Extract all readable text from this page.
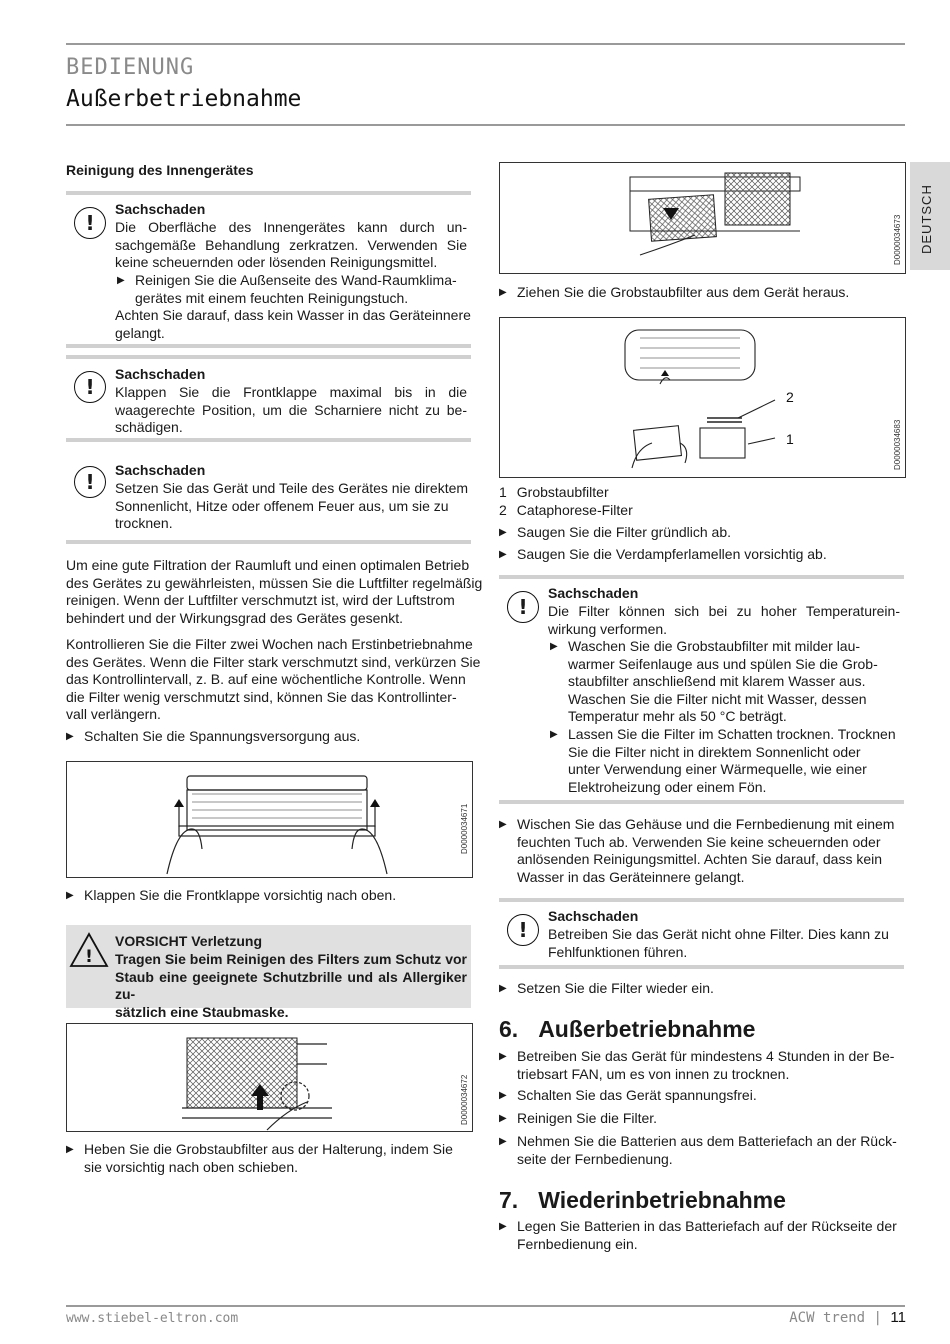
BEDIENUNG
Außerbetriebnahme
DEUTSCH
Reinigung des Innengerätes
!
Sachschaden
Die Oberfläche des Innengerätes kann durch un-
sachgemäße Behandlung zerkratzen. Verwenden Sie
keine scheuernden oder lösenden Reinigungsmittel.
▶ Reinigen Sie die Außenseite des Wand-Raumklima-
gerätes mit einem feuchten Reinigungstuch.
Achten Sie darauf, dass kein Wasser in das Geräteinnere
gelangt.
!
Sachschaden
Klappen Sie die Frontklappe maximal bis in die
waagerechte Position, um die Scharniere nicht zu be-
schädigen.
!	Sachschaden
Setzen Sie das Gerät und Teile des Gerätes nie direktem
Sonnenlicht, Hitze oder offenem Feuer aus, um sie zu
trocknen.
Um eine gute Filtration der Raumluft und einen optimalen Betrieb
des Gerätes zu gewährleisten, müssen Sie die Luftfilter regelmäßig
reinigen. Wenn der Luftfilter verschmutzt ist, wird der Luftstrom
behindert und der Wirkungsgrad des Gerätes gesenkt.
Kontrollieren Sie die Filter zwei Wochen nach Erstinbetriebnahme
des Gerätes. Wenn die Filter stark verschmutzt sind, verkürzen Sie
das Kontrollintervall, z. B. auf eine wöchentliche Kontrolle. Wenn
die Filter wenig verschmutzt sind, können Sie das Kontrollinter-
vall verlängern.
▶ Schalten Sie die Spannungsversorgung aus.
D0000034671
▶ Klappen Sie die Frontklappe vorsichtig nach oben.
!
VORSICHT Verletzung
Tragen Sie beim Reinigen des Filters zum Schutz vor
Staub eine geeignete Schutzbrille und als Allergiker zu-
sätzlich eine Staubmaske.
D0000034672
▶ Heben Sie die Grobstaubfilter aus der Halterung, indem Sie
sie vorsichtig nach oben schieben.
D0000034673
▶ Ziehen Sie die Grobstaubfilter aus dem Gerät heraus.
2
1	D0000034683
1 Grobstaubfilter
2 Cataphorese-Filter
▶ Saugen Sie die Filter gründlich ab.
▶ Saugen Sie die Verdampferlamellen vorsichtig ab.
!
Sachschaden
Die Filter können sich bei zu hoher Temperaturein-
wirkung verformen.
▶ Waschen Sie die Grobstaubfilter mit milder lau-
warmer Seifenlauge aus und spülen Sie die Grob-
staubfilter anschließend mit klarem Wasser aus.
Waschen Sie die Filter nicht mit Wasser, dessen
Temperatur mehr als 50 °C beträgt.
▶ Lassen Sie die Filter im Schatten trocknen. Trocknen
Sie die Filter nicht in direktem Sonnenlicht oder
unter Verwendung einer Wärmequelle, wie einer
Elektroheizung oder einem Fön.
▶ Wischen Sie das Gehäuse und die Fernbedienung mit einem
feuchten Tuch ab. Verwenden Sie keine scheuernden oder
anlösenden Reinigungsmittel. Achten Sie darauf, dass kein
Wasser in das Geräteinnere gelangt.
!
Sachschaden
Betreiben Sie das Gerät nicht ohne Filter. Dies kann zu
Fehlfunktionen führen.
▶ Setzen Sie die Filter wieder ein.
6. Außerbetriebnahme
▶ Betreiben Sie das Gerät für mindestens 4 Stunden in der Be-
triebsart FAN, um es von innen zu trocknen.
▶ Schalten Sie das Gerät spannungsfrei.
▶ Reinigen Sie die Filter.
▶ Nehmen Sie die Batterien aus dem Batteriefach an der Rück-
seite der Fernbedienung.
7. Wiederinbetriebnahme
▶ Legen Sie Batterien in das Batteriefach auf der Rückseite der
Fernbedienung ein.
www.stiebel-eltron.com	ACW trend | 11
